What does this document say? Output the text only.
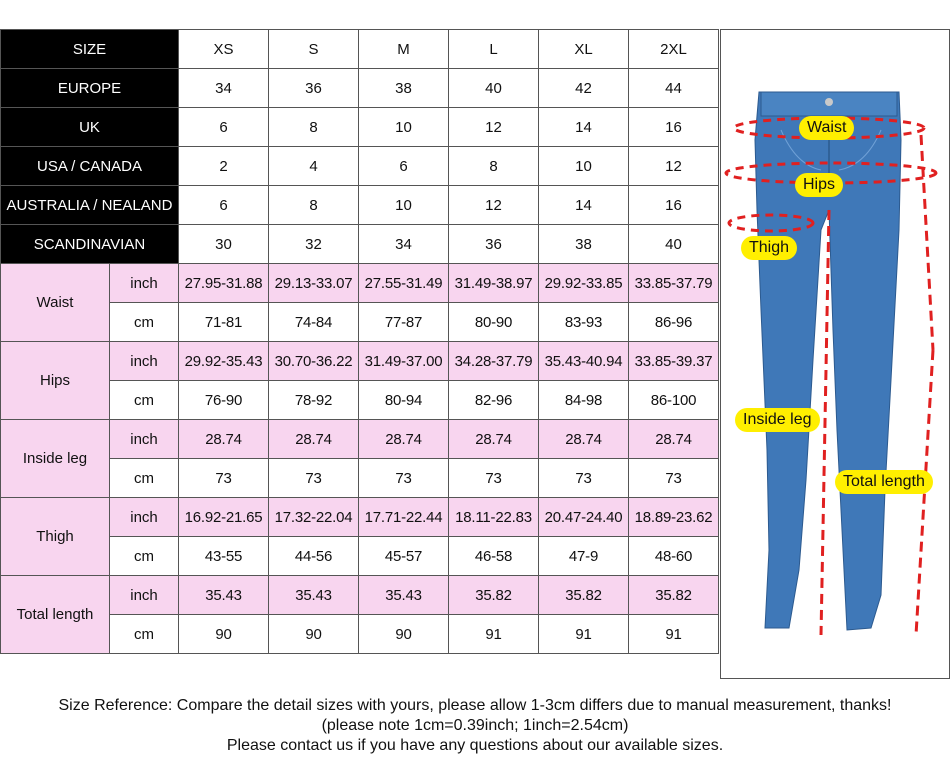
SIZE		XS	S	M	L	XL	2XL
EUROPE		34	36	38	40	42	44
UK		6	8	10	12	14	16
USA / CANADA		2	4	6	8	10	12
AUSTRALIA / NEALAND		6	8	10	12	14	16
SCANDINAVIAN		30	32	34	36	38	40
Waist	inch	27.95-31.88	29.13-33.07	27.55-31.49	31.49-38.97	29.92-33.85	33.85-37.79
	cm	71-81	74-84	77-87	80-90	83-93	86-96
Hips	inch	29.92-35.43	30.70-36.22	31.49-37.00	34.28-37.79	35.43-40.94	33.85-39.37
	cm	76-90	78-92	80-94	82-96	84-98	86-100
Inside leg	inch	28.74	28.74	28.74	28.74	28.74	28.74
	cm	73	73	73	73	73	73
Thigh	inch	16.92-21.65	17.32-22.04	17.71-22.44	18.11-22.83	20.47-24.40	18.89-23.62
	cm	43-55	44-56	45-57	46-58	47-9	48-60
Total length	inch	35.43	35.43	35.43	35.82	35.82	35.82
	cm	90	90	90	91	91	91
Waist
Hips
Thigh
Inside leg
Total length
Size Reference: Compare the detail sizes with yours, please allow 1-3cm differs due to manual measurement, thanks!
(please note 1cm=0.39inch; 1inch=2.54cm)
Please contact us if you have any questions about our available sizes.
